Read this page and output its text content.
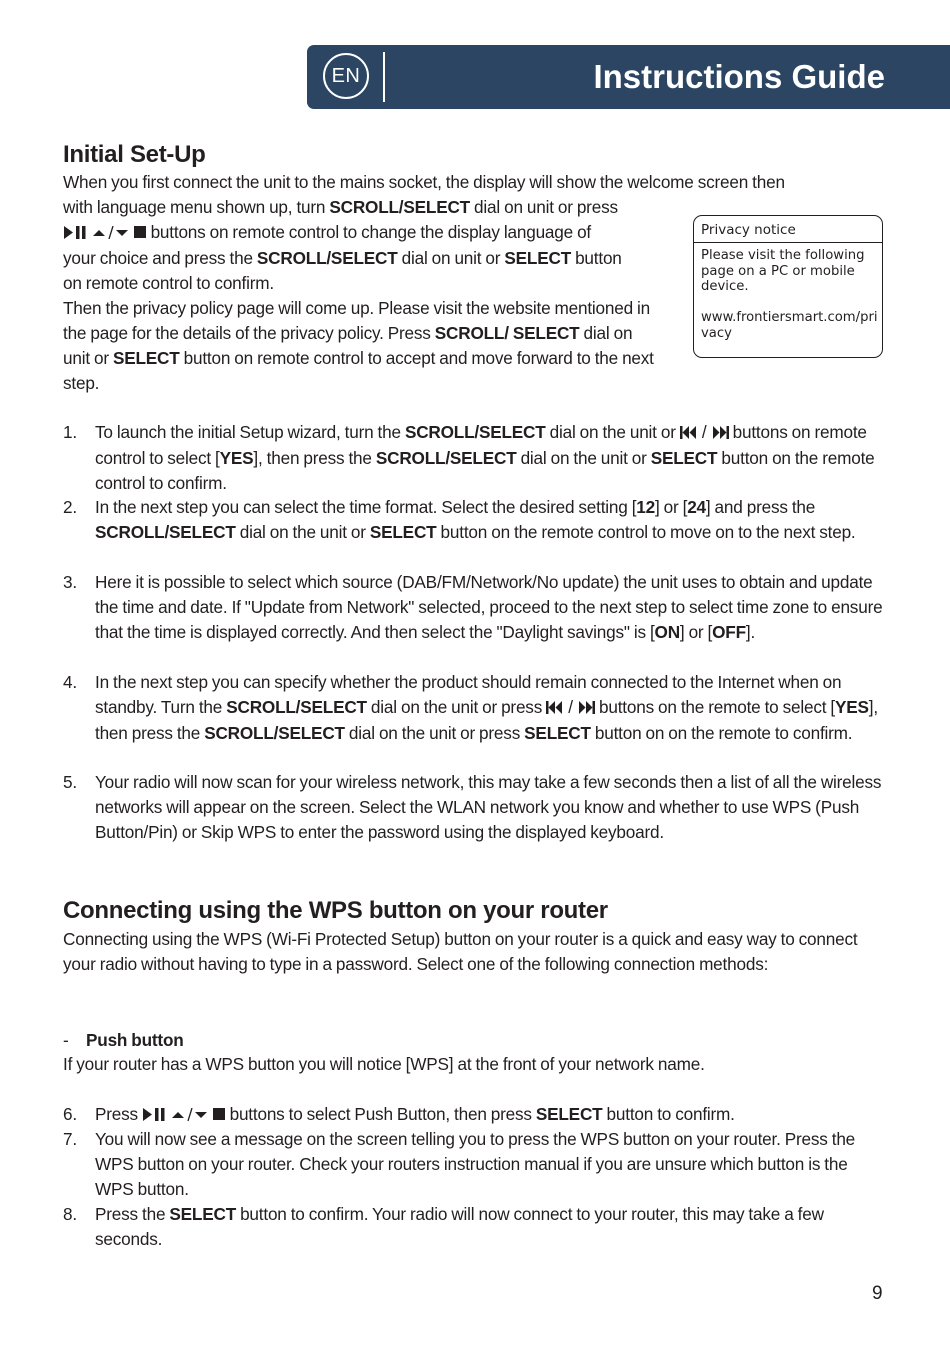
EN	Instructions Guide
Initial Set-Up
When you first connect the unit to the mains socket, the display will show the welcome screen then
with language menu shown up, turn SCROLL/SELECT dial on unit or press
   buttons on remote control to change the display language of
your choice and press the SCROLL/SELECT dial on unit or SELECT button
on remote control to confirm.
Then the privacy policy page will come up. Please visit the website mentioned in the page for the details of the privacy policy. Press SCROLL/ SELECT dial on unit or SELECT button on remote control to accept and move forward to the next step.
Privacy notice
Please visit the following page on a PC or mobile device.
www.frontiersmart.com/privacy
1. To launch the initial Setup wizard, turn the SCROLL/SELECT dial on the unit or  /  buttons on remote control to select [YES], then press the SCROLL/SELECT dial on the unit or SELECT button on the remote control to confirm.
2. In the next step you can select the time format. Select the desired setting [12] or [24] and press the SCROLL/SELECT dial on the unit or SELECT button on the remote control to move on to the next step.
3. Here it is possible to select which source (DAB/FM/Network/No update) the unit uses to obtain and update the time and date. If "Update from Network" selected, proceed to the next step to select time zone to ensure that the time is displayed correctly. And then select the "Daylight savings" is [ON] or [OFF].
4. In the next step you can specify whether the product should remain connected to the Internet when on standby. Turn the SCROLL/SELECT dial on the unit or press  /  buttons on the remote to select [YES], then press the SCROLL/SELECT dial on the unit or press SELECT button on on the remote to confirm.
5. Your radio will now scan for your wireless network, this may take a few seconds then a list of all the wireless networks will appear on the screen. Select the WLAN network you know and whether to use WPS (Push Button/Pin) or Skip WPS to enter the password using the displayed keyboard.
Connecting using the WPS button on your router
Connecting using the WPS (Wi-Fi Protected Setup) button on your router is a quick and easy way to connect your radio without having to type in a password. Select one of the following connection methods:
- Push button
If your router has a WPS button you will notice [WPS] at the front of your network name.
6. Press   	buttons to select Push Button, then press SELECT button to confirm.
7. You will now see a message on the screen telling you to press the WPS button on your router. Press the WPS button on your router. Check your routers instruction manual if you are unsure which button is the WPS button.
8. Press the SELECT button to confirm. Your radio will now connect to your router, this may take a few seconds.
9
